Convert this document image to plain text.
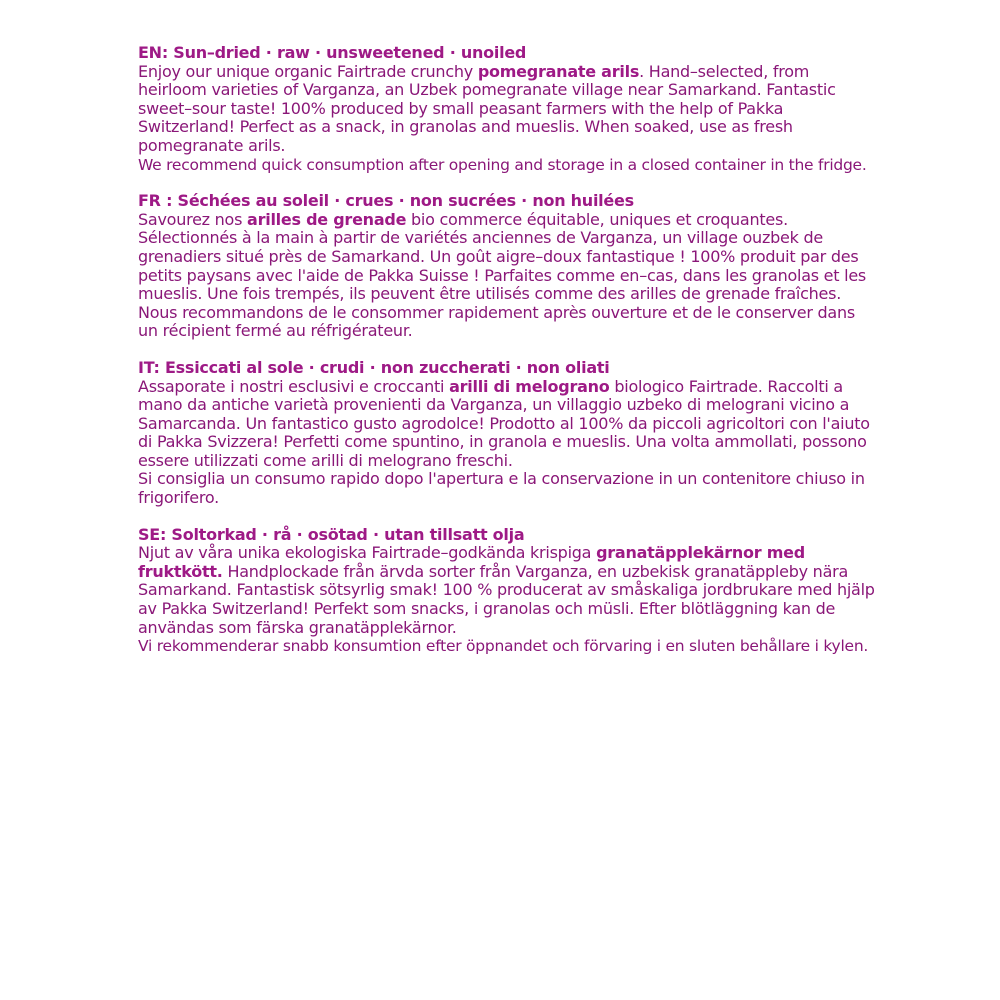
EN: Sun–dried · raw · unsweetened · unoiled
Enjoy our unique organic Fairtrade crunchy pomegranate arils. Hand–selected, from heirloom varieties of Varganza, an Uzbek pomegranate village near Samarkand. Fantastic sweet–sour taste! 100% produced by small peasant farmers with the help of Pakka Switzerland! Perfect as a snack, in granolas and mueslis. When soaked, use as fresh pomegranate arils.
We recommend quick consumption after opening and storage in a closed container in the fridge.
FR : Séchées au soleil · crues · non sucrées · non huilées
Savourez nos arilles de grenade bio commerce équitable, uniques et croquantes. Sélectionnés à la main à partir de variétés anciennes de Varganza, un village ouzbek de grenadiers situé près de Samarkand. Un goût aigre–doux fantastique ! 100% produit par des petits paysans avec l'aide de Pakka Suisse ! Parfaites comme en–cas, dans les granolas et les mueslis. Une fois trempés, ils peuvent être utilisés comme des arilles de grenade fraîches.
Nous recommandons de le consommer rapidement après ouverture et de le conserver dans un récipient fermé au réfrigérateur.
IT: Essiccati al sole · crudi · non zuccherati · non oliati
Assaporate i nostri esclusivi e croccanti arilli di melograno biologico Fairtrade. Raccolti a mano da antiche varietà provenienti da Varganza, un villaggio uzbeko di melograni vicino a Samarcanda. Un fantastico gusto agrodolce! Prodotto al 100% da piccoli agricoltori con l'aiuto di Pakka Svizzera! Perfetti come spuntino, in granola e mueslis. Una volta ammollati, possono essere utilizzati come arilli di melograno freschi.
Si consiglia un consumo rapido dopo l'apertura e la conservazione in un contenitore chiuso in frigorifero.
SE: Soltorkad · rå · osötad · utan tillsatt olja
Njut av våra unika ekologiska Fairtrade–godkända krispiga granatäpplekärnor med fruktkött. Handplockade från ärvda sorter från Varganza, en uzbekisk granatäppleby nära Samarkand. Fantastisk sötsyrlig smak! 100 % producerat av småskaliga jordbrukare med hjälp av Pakka Switzerland! Perfekt som snacks, i granolas och müsli. Efter blötläggning kan de användas som färska granatäpplekärnor.
Vi rekommenderar snabb konsumtion efter öppnandet och förvaring i en sluten behållare i kylen.
